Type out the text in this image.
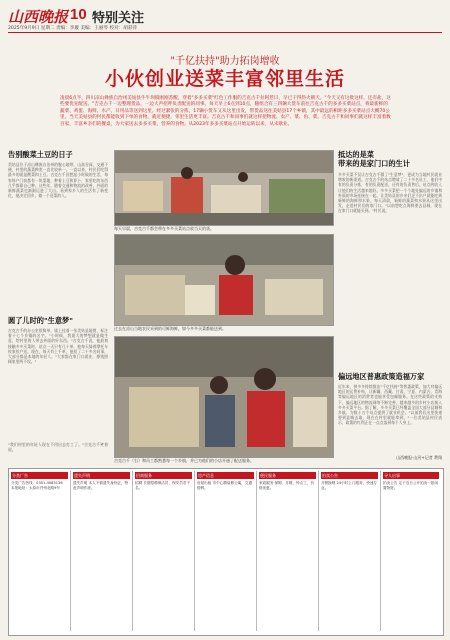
山西晚报 10 特别关注
2025年9月9日 星期二 责编：李璇 美编：王丽琴 校对：胡彩萍
"千亿扶持"助力拓岗增收
小伙创业送菜丰富邻里生活
凌晨6点半，四川凉山彝族自治州美姑县牛牛坝镇刚刚苏醒，穿着"多多买菜"红色工作服的吉克古千拉阿惹曰，早已干得热火朝天。"今天又有这批这样，还有盐，这些要优先配送。"吉克古千一边整理货品，一边大声招呼负责配送的同事。每天早上6点到10点，随组合有三四辆大货车前往吉克古千的多多买菜站点，将最新鲜的蔬菜、鸡蛋、海鲜、水产、日用品等送到这里。经过紧张的分拣，17辆小货车又从这里出发，带货品送往美姑县17个乡镇，其中最远的相距多多买菜站点大概70公里，当天美姑县的村民都能收到下单的食物，就近便捷，邻里生活更丰富。吉克古千和同事们就这样把物流、农产、菜、鱼、菜。吉克古千和同事们就这样丰富着数百家，丰富乡亲们的餐桌，为大家送去多多买菜，营养的食物。从2023年多多买菜站点开始运转以来，从未歇业。
告别酸菜土豆的日子
美姑县位于凉山彝族自治州的腹心地带，山高谷深，交通不便，村里的蔬菜种类一直比较单一。一直以来，村民们吃得最多的就是酸菜和土豆。吉克古千回想起小时候的生活，每家每户门前都有一块菜地，种着土豆和萝卜，家里吃的东西几乎都靠自己种。这些年，随着交通和物流的改善，外面的新鲜蔬菜也渐渐运进了大山。看到家乡人的生活有了新变化，他决定回乡，做一个送菜的人。
圆了儿时的"生意梦"
吉克古千的办公室很简单，墙上挂着一张美姑县地图，标注着十七个乡镇的名字。"小时候，我最大的梦想就是做生意，给村里的人带去外面的好东西。"吉克古千说，他最初接触多多买菜时，站点一天只有几十单，他每天骑着摩托车挨家挨户送。现在，每天有上千单，他招了二十多名同事，大部分都是本地的年轻人。"大家都在家门口就业，挣钱照顾家里两不误。"
"我们村里的年轻人现在不用出去打工了。"吉克古千笑着说。
每天早晨，吉克古千都会带在多多买菜站点收当天的货。
过去在凉山当地农民采到的可鲜海鲜，如今多多买菜都能送到。
吉克古千（右）和员工都熟悉每一个乡镇，并已为他们的小店开通了配送服务。
抵达的是菜
带来的是家门口的生计
多多买菜不仅让吉克古千圆了"生意梦"，更成为当地村民就业增收的新渠道。吉克古千的站点聘请了二十多名员工，他们中有的负责分拣，有的负责配送，还有的负责售后。站点的收入让他们的生活越来越好。多多买菜把一个个地处偏远的乡镇和外面的市场连接在一起，让美姑县的乡亲们足不出户就能吃到新鲜的海鲜和水果。每天清晨，新鲜的蔬菜和水果从这里出发，走进村民们的家门口。"以前想吃点海鲜要去县城，现在在家门口就能买到。"村民说。
偏远地区普惠政策造福万家
近年来，拼多多持续推出"千亿扶持"等普惠政策，加大对偏远地区的运费补贴，让新疆、西藏、甘肃、宁夏、内蒙古、青海等偏远地区的消费者也能享受包邮服务。在这些政策的支持下，偏远地区的物流网络不断完善，越来越多的乡村小店接入多多买菜平台。据了解，多多买菜已经覆盖全国大部分县城和乡镇，为数十万个站点提供了就业机会。"以前我们这里快递要到县城去取，现在在村里就能拿到。"一位美姑县村民表示，政策的红利正在一点点落到每个人身上。
山西晚报·山河+记者 费翔
分类广告
分类广告热线：0351-4085136
本报地址：太原市并州北路9号
遗失声明
遗失声明 本人不慎遗失身份证，特此声明作废。
招商服务
招聘 长期招聘保洁员、保安员若干名。
房产信息
房屋出租 市中心精装修公寓，交通便利。
便民服务
家政服务 保姆、月嫂、钟点工，价格优惠。
拍卖公告
开锁换锁 24小时上门服务，快速专业。
寻人启事
拍卖公告 定于近日公开拍卖一批闲置物资。
